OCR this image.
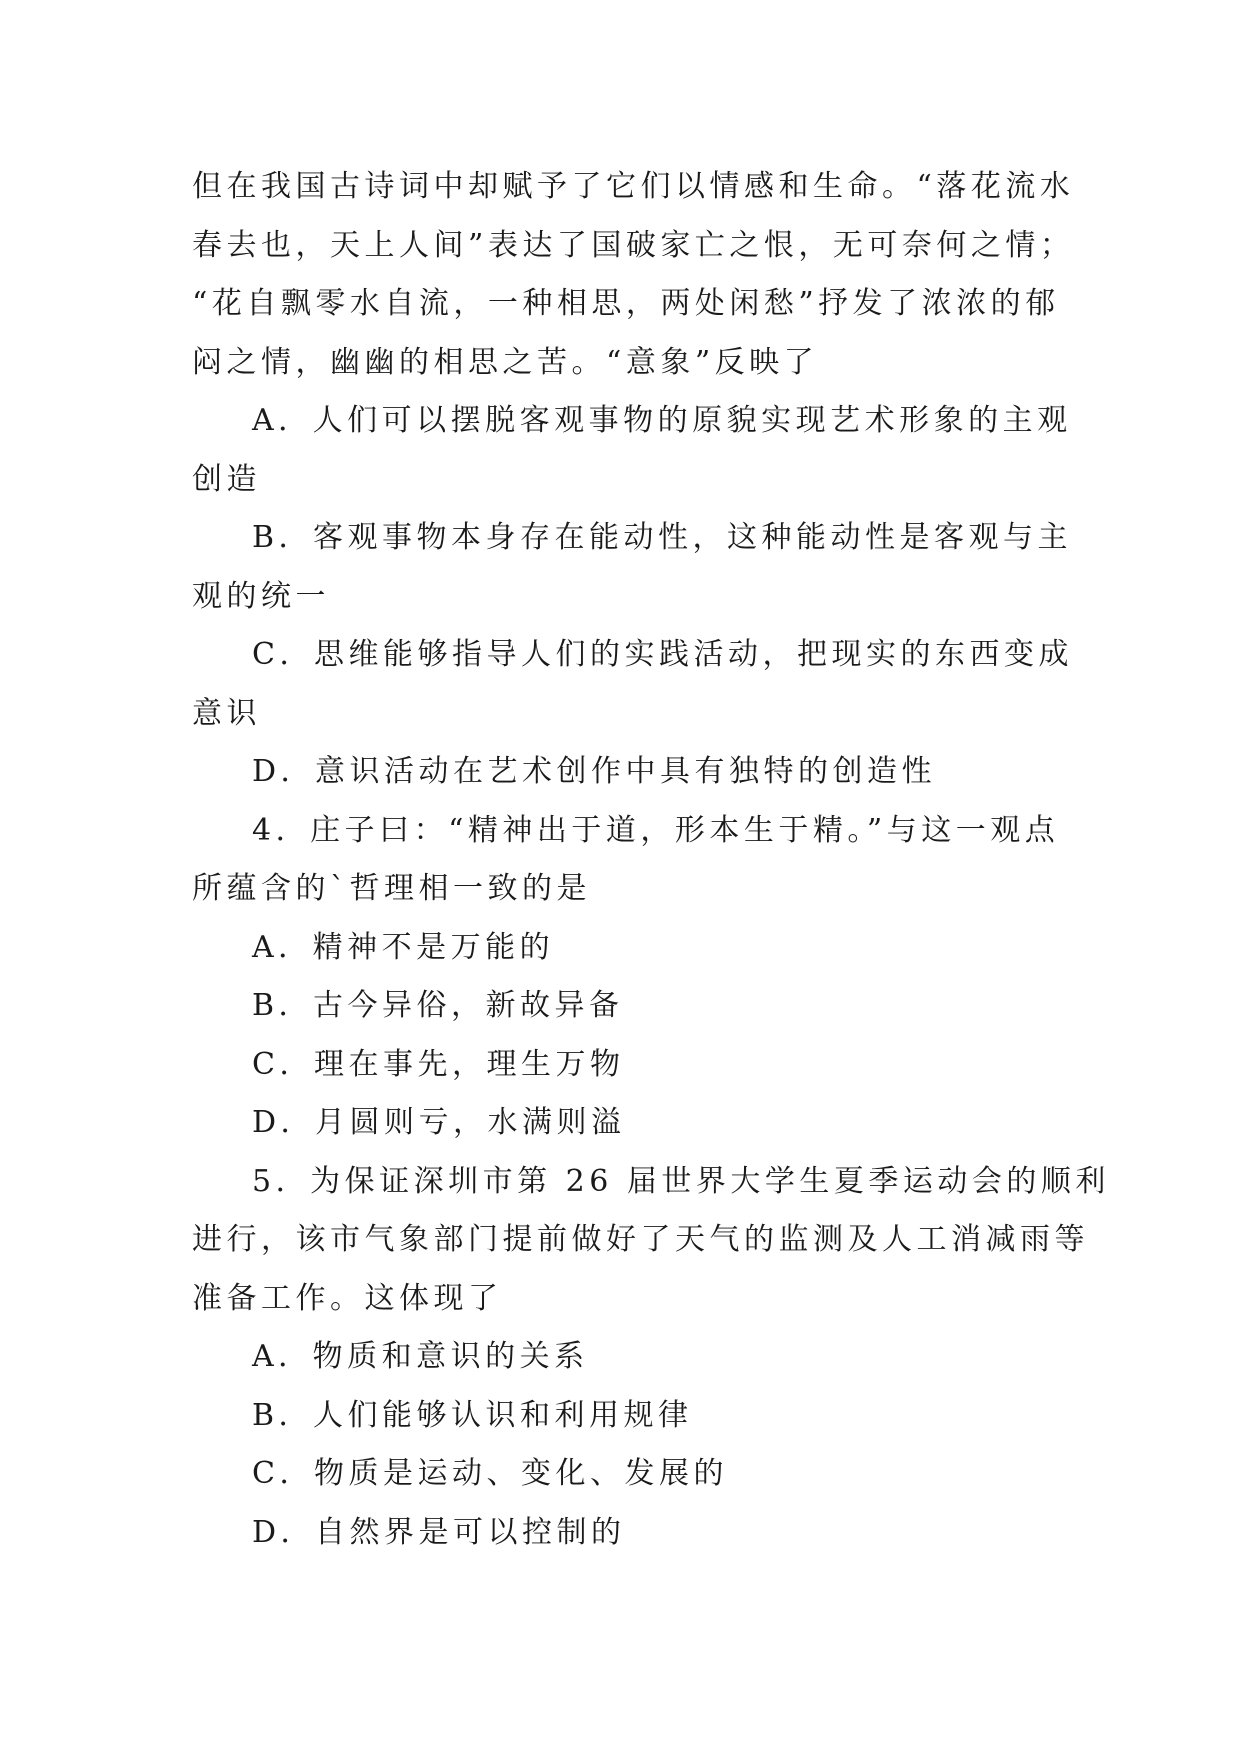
但在我国古诗词中却赋予了它们以情感和生命。“落花流水
春去也，天上人间”表达了国破家亡之恨，无可奈何之情；
“花自飘零水自流，一种相思，两处闲愁”抒发了浓浓的郁
闷之情，幽幽的相思之苦。“意象”反映了
A．人们可以摆脱客观事物的原貌实现艺术形象的主观
创造
B．客观事物本身存在能动性，这种能动性是客观与主
观的统一
C．思维能够指导人们的实践活动，把现实的东西变成
意识
D．意识活动在艺术创作中具有独特的创造性
4．庄子曰：“精神出于道，形本生于精。”与这一观点
所蕴含的`哲理相一致的是
A．精神不是万能的
B．古今异俗，新故异备
C．理在事先，理生万物
D．月圆则亏，水满则溢
5．为保证深圳市第 26 届世界大学生夏季运动会的顺利
进行，该市气象部门提前做好了天气的监测及人工消减雨等
准备工作。这体现了
A．物质和意识的关系
B．人们能够认识和利用规律
C．物质是运动、变化、发展的
D．自然界是可以控制的
